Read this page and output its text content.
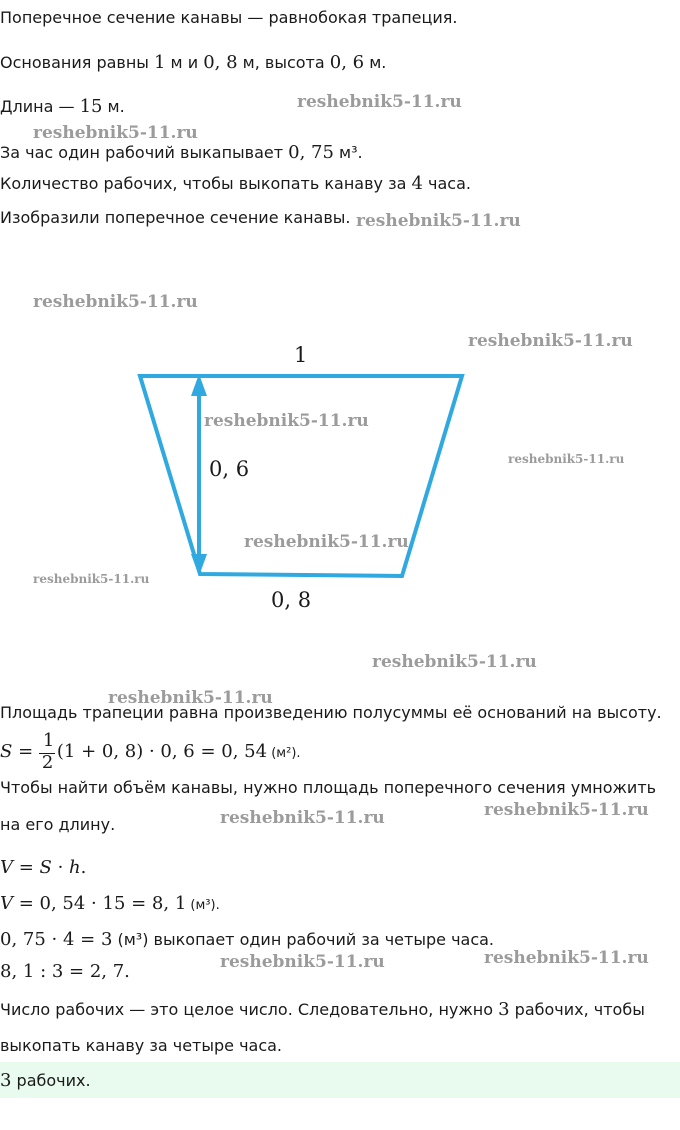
Поперечное сечение канавы — равнобокая трапеция.
Основания равны 1 м и 0, 8 м, высота 0, 6 м.
Длина — 15 м.
За час один рабочий выкапывает 0, 75 м³.
Количество рабочих, чтобы выкопать канаву за 4 часа.
Изобразили поперечное сечение канавы.
1
0, 6
0, 8
Площадь трапеции равна произведению полусуммы её оснований на высоту.
$S = \frac{1}{2} (1 + 0$, 8) · 0, 6 = 0, 54 (м²).
Чтобы найти объём канавы, нужно площадь поперечного сечения умножить
на его длину.
V = S · h.
V = 0, 54 · 15 = 8, 1 (м³).
0, 75 · 4 = 3 (м³) выкопает один рабочий за четыре часа.
8, 1 : 3 = 2, 7.
Число рабочих — это целое число. Следовательно, нужно 3 рабочих, чтобы
выкопать канаву за четыре часа.
3 рабочих.
reshebnik5-11.ru
reshebnik5-11.ru
reshebnik5-11.ru
reshebnik5-11.ru
reshebnik5-11.ru
reshebnik5-11.ru
reshebnik5-11.ru
reshebnik5-11.ru
reshebnik5-11.ru
reshebnik5-11.ru
reshebnik5-11.ru
reshebnik5-11.ru
reshebnik5-11.ru
reshebnik5-11.ru
reshebnik5-11.ru
